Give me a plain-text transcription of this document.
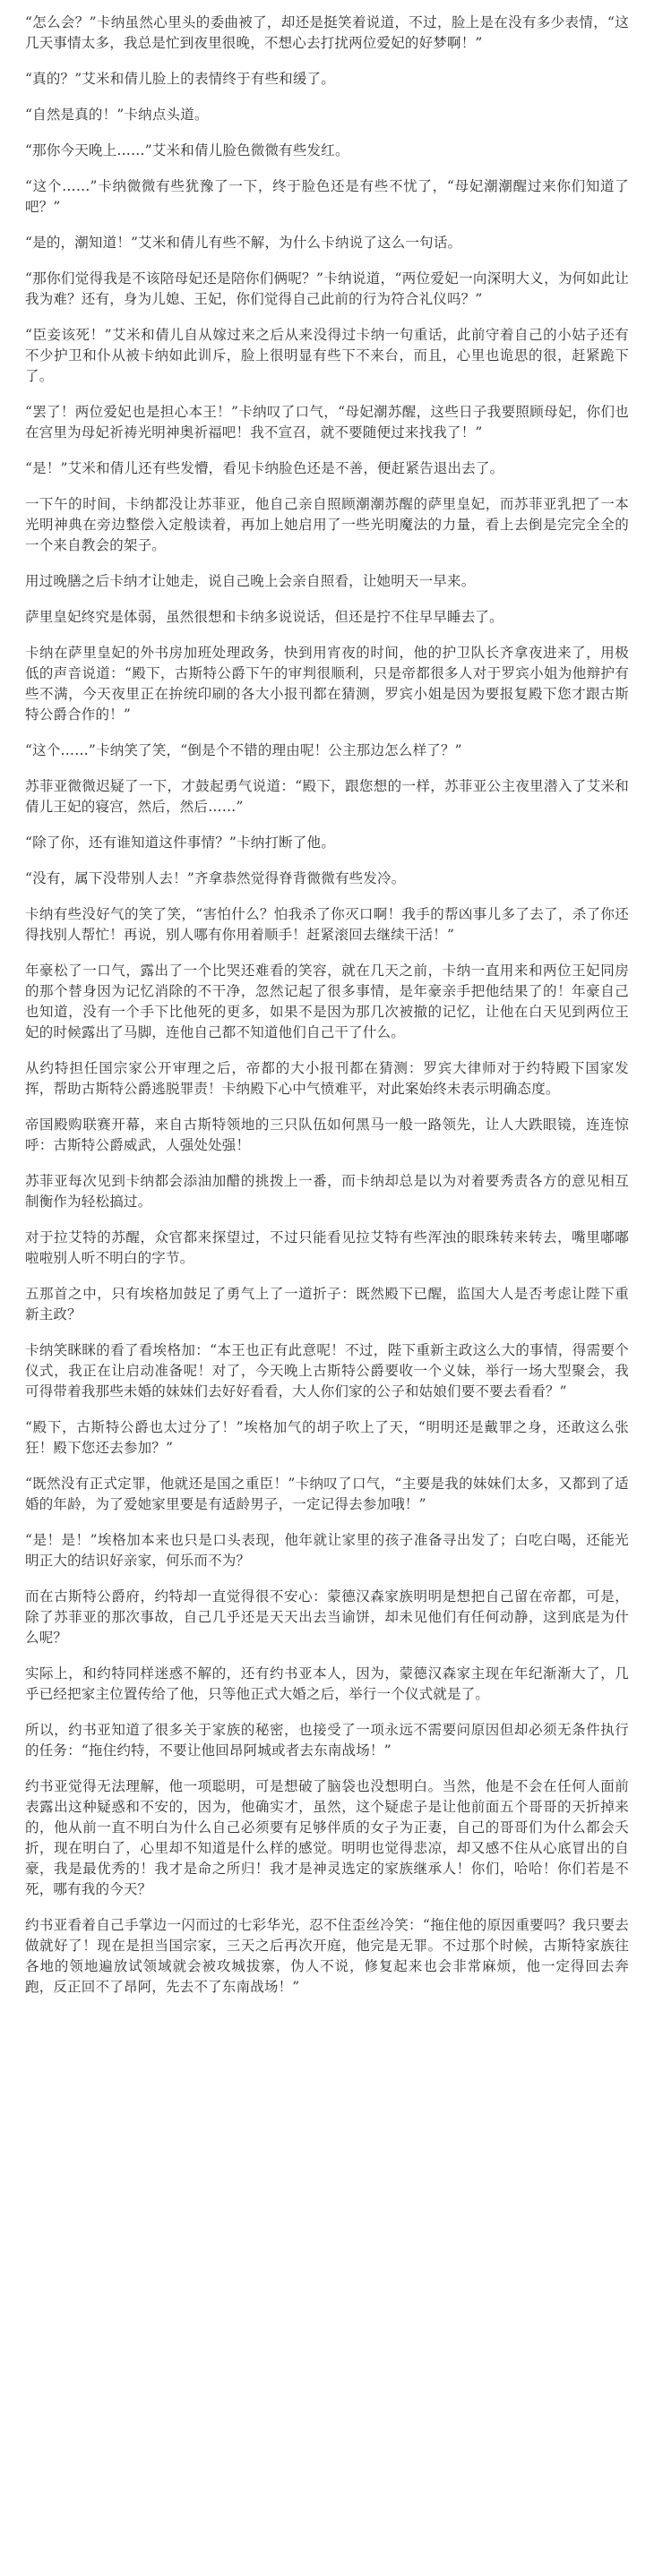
“怎么会？”卡纳虽然心里头的委曲被了，却还是挺笑着说道，不过，脸上是在没有多少表情，“这几天事情太多，我总是忙到夜里很晚，不想心去打扰两位爱妃的好梦啊！”

“真的？”艾米和倩儿脸上的表情终于有些和缓了。

“自然是真的！”卡纳点头道。

“那你今天晚上……”艾米和倩儿脸色微微有些发红。

“这个……”卡纳微微有些犹豫了一下，终于脸色还是有些不忧了，“母妃潮潮醒过来你们知道了吧？”

“是的，潮知道！”艾米和倩儿有些不解，为什么卡纳说了这么一句话。

“那你们觉得我是不该陪母妃还是陪你们俩呢？”卡纳说道，“两位爱妃一向深明大义，为何如此让我为难？还有，身为儿媳、王妃，你们觉得自己此前的行为符合礼仪吗？”

“臣妾该死！”艾米和倩儿自从嫁过来之后从来没得过卡纳一句重话，此前守着自己的小姑子还有不少护卫和仆从被卡纳如此训斥，脸上很明显有些下不来台，而且，心里也诡思的很，赶紧跪下了。

“罢了！两位爱妃也是担心本王！”卡纳叹了口气，“母妃潮苏醒，这些日子我要照顾母妃，你们也在宫里为母妃祈祷光明神奥祈福吧！我不宣召，就不要随便过来找我了！”

“是！”艾米和倩儿还有些发懵，看见卡纳脸色还是不善，便赶紧告退出去了。

一下午的时间，卡纳都没让苏菲亚，他自己亲自照顾潮潮苏醒的萨里皇妃，而苏菲亚乳把了一本光明神典在旁边整偿入定般读着，再加上她启用了一些光明魔法的力量，看上去倒是完完全全的一个来自教会的架子。

用过晚膳之后卡纳才让她走，说自己晚上会亲自照看，让她明天一早来。

萨里皇妃终究是体弱，虽然很想和卡纳多说说话，但还是拧不住早早睡去了。

卡纳在萨里皇妃的外书房加班处理政务，快到用宵夜的时间，他的护卫队长齐拿夜进来了，用极低的声音说道：“殿下，古斯特公爵下午的审判很顺利，只是帝都很多人对于罗宾小姐为他辩护有些不满，今天夜里正在拚统印刷的各大小报刊都在猜测，罗宾小姐是因为要报复殿下您才跟古斯特公爵合作的！”

“这个……”卡纳笑了笑，“倒是个不错的理由呢！公主那边怎么样了？”

苏菲亚微微迟疑了一下，才鼓起勇气说道：“殿下，跟您想的一样，苏菲亚公主夜里潜入了艾米和倩儿王妃的寝宫，然后，然后……”

“除了你，还有谁知道这件事情？”卡纳打断了他。

“没有，属下没带别人去！”齐拿恭然觉得脊背微微有些发冷。

卡纳有些没好气的笑了笑，“害怕什么？怕我杀了你灭口啊！我手的帮凶事儿多了去了，杀了你还得找别人帮忙！再说，别人哪有你用着顺手！赶紧滚回去继续干活！”

年豪松了一口气，露出了一个比哭还难看的笑容，就在几天之前，卡纳一直用来和两位王妃同房的那个替身因为记忆消除的不干净，忽然记起了很多事情，是年豪亲手把他结果了的！年豪自己也知道，没有一个手下比他死的更多，如果不是因为那几次被撤的记忆，让他在白天见到两位王妃的时候露出了马脚，连他自己都不知道他们自己干了什么。

从约特担任国宗家公开审理之后，帝都的大小报刊都在猜测：罗宾大律师对于约特殿下国家发挥，帮助古斯特公爵逃脱罪责！卡纳殿下心中气愤难平，对此案始终未表示明确态度。

帝国殿购联赛开幕，来自古斯特领地的三只队伍如何黑马一般一路领先，让人大跌眼镜，连连惊呼：古斯特公爵威武，人强处处强！

苏菲亚每次见到卡纳都会添油加醋的挑拨上一番，而卡纳却总是以为对着要秀责各方的意见相互制衡作为轻松搞过。

对于拉艾特的苏醒，众官都来探望过，不过只能看见拉艾特有些浑浊的眼珠转来转去，嘴里嘟嘟啦啦别人听不明白的字节。

五那首之中，只有埃格加鼓足了勇气上了一道折子：既然殿下已醒，监国大人是否考虑让陛下重新主政？

卡纳笑眯眯的看了看埃格加：“本王也正有此意呢！不过，陛下重新主政这么大的事情，得需要个仪式，我正在让启动准备呢！对了，今天晚上古斯特公爵要收一个义妹，举行一场大型聚会，我可得带着我那些未婚的妹妹们去好好看看，大人你们家的公子和姑娘们要不要去看看？”

“殿下，古斯特公爵也太过分了！”埃格加气的胡子吹上了天，“明明还是戴罪之身，还敢这么张狂！殿下您还去参加？”

“既然没有正式定罪，他就还是国之重臣！”卡纳叹了口气，“主要是我的妹妹们太多，又都到了适婚的年龄，为了爱她家里要是有适龄男子，一定记得去参加哦！”

“是！是！”埃格加本来也只是口头表现，他年就让家里的孩子准备寻出发了；白吃白喝，还能光明正大的结识好亲家，何乐而不为？

而在古斯特公爵府，约特却一直觉得很不安心：蒙德汉森家族明明是想把自己留在帝都，可是，除了苏菲亚的那次事故，自己几乎还是天天出去当谕饼，却未见他们有任何动静，这到底是为什么呢？

实际上，和约特同样迷惑不解的，还有约书亚本人，因为，蒙德汉森家主现在年纪渐渐大了，几乎已经把家主位置传给了他，只等他正式大婚之后，举行一个仪式就是了。

所以，约书亚知道了很多关于家族的秘密，也接受了一项永远不需要问原因但却必须无条件执行的任务：“拖住约特，不要让他回昂阿城或者去东南战场！”

约书亚觉得无法理解，他一项聪明，可是想破了脑袋也没想明白。当然，他是不会在任何人面前表露出这种疑惑和不安的，因为，他确实才，虽然，这个疑虑子是让他前面五个哥哥的天折掉来的，他从前一直不明白为什么自己必须要有足够伴质的女子为正妻，自己的哥哥们为什么都会夭折，现在明白了，心里却不知道是什么样的感觉。明明也觉得悲凉，却又感不住从心底冒出的自豪，我是最优秀的！我才是命之所归！我才是神灵选定的家族继承人！你们，哈哈！你们若是不死，哪有我的今天？

约书亚看着自己手掌边一闪而过的七彩华光，忍不住歪丝冷笑：“拖住他的原因重要吗？我只要去做就好了！现在是担当国宗家，三天之后再次开庭，他完是无罪。不过那个时候，古斯特家族往各地的领地遍放试领域就会被攻城拔寨，伪人不说，修复起来也会非常麻烦，他一定得回去奔跑，反正回不了昂阿，先去不了东南战场！”
